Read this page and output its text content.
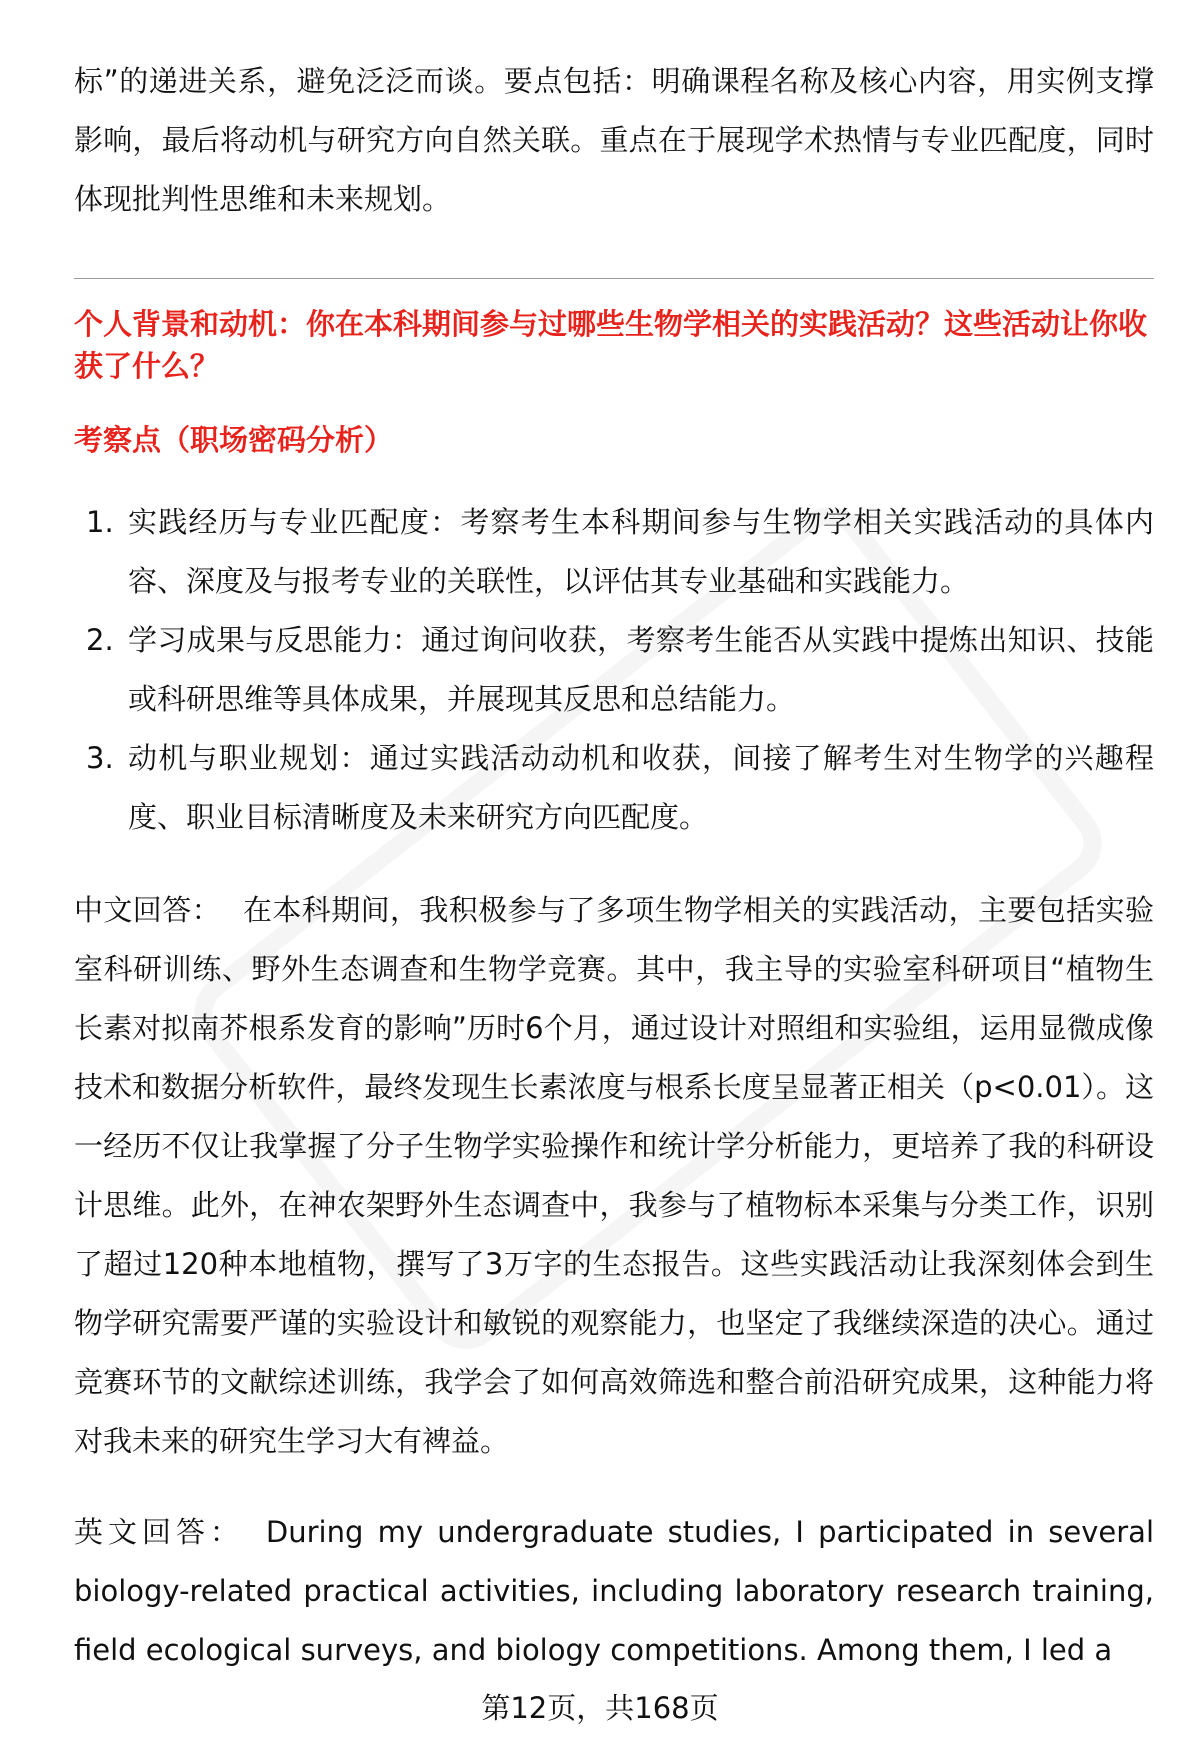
标”的递进关系，避免泛泛而谈。要点包括：明确课程名称及核心内容，用实例支撑影响，最后将动机与研究方向自然关联。重点在于展现学术热情与专业匹配度，同时体现批判性思维和未来规划。

个人背景和动机：你在本科期间参与过哪些生物学相关的实践活动？这些活动让你收获了什么？

考察点（职场密码分析）

1. 实践经历与专业匹配度：考察考生本科期间参与生物学相关实践活动的具体内容、深度及与报考专业的关联性，以评估其专业基础和实践能力。
2. 学习成果与反思能力：通过询问收获，考察考生能否从实践中提炼出知识、技能或科研思维等具体成果，并展现其反思和总结能力。
3. 动机与职业规划：通过实践活动动机和收获，间接了解考生对生物学的兴趣程度、职业目标清晰度及未来研究方向匹配度。

中文回答： 在本科期间，我积极参与了多项生物学相关的实践活动，主要包括实验室科研训练、野外生态调查和生物学竞赛。其中，我主导的实验室科研项目“植物生长素对拟南芥根系发育的影响”历时6个月，通过设计对照组和实验组，运用显微成像技术和数据分析软件，最终发现生长素浓度与根系长度呈显著正相关（p<0.01）。这一经历不仅让我掌握了分子生物学实验操作和统计学分析能力，更培养了我的科研设计思维。此外，在神农架野外生态调查中，我参与了植物标本采集与分类工作，识别了超过120种本地植物，撰写了3万字的生态报告。这些实践活动让我深刻体会到生物学研究需要严谨的实验设计和敏锐的观察能力，也坚定了我继续深造的决心。通过竞赛环节的文献综述训练，我学会了如何高效筛选和整合前沿研究成果，这种能力将对我未来的研究生学习大有裨益。

英文回答： During my undergraduate studies, I participated in several biology-related practical activities, including laboratory research training, field ecological surveys, and biology competitions. Among them, I led a

第12页，共168页
